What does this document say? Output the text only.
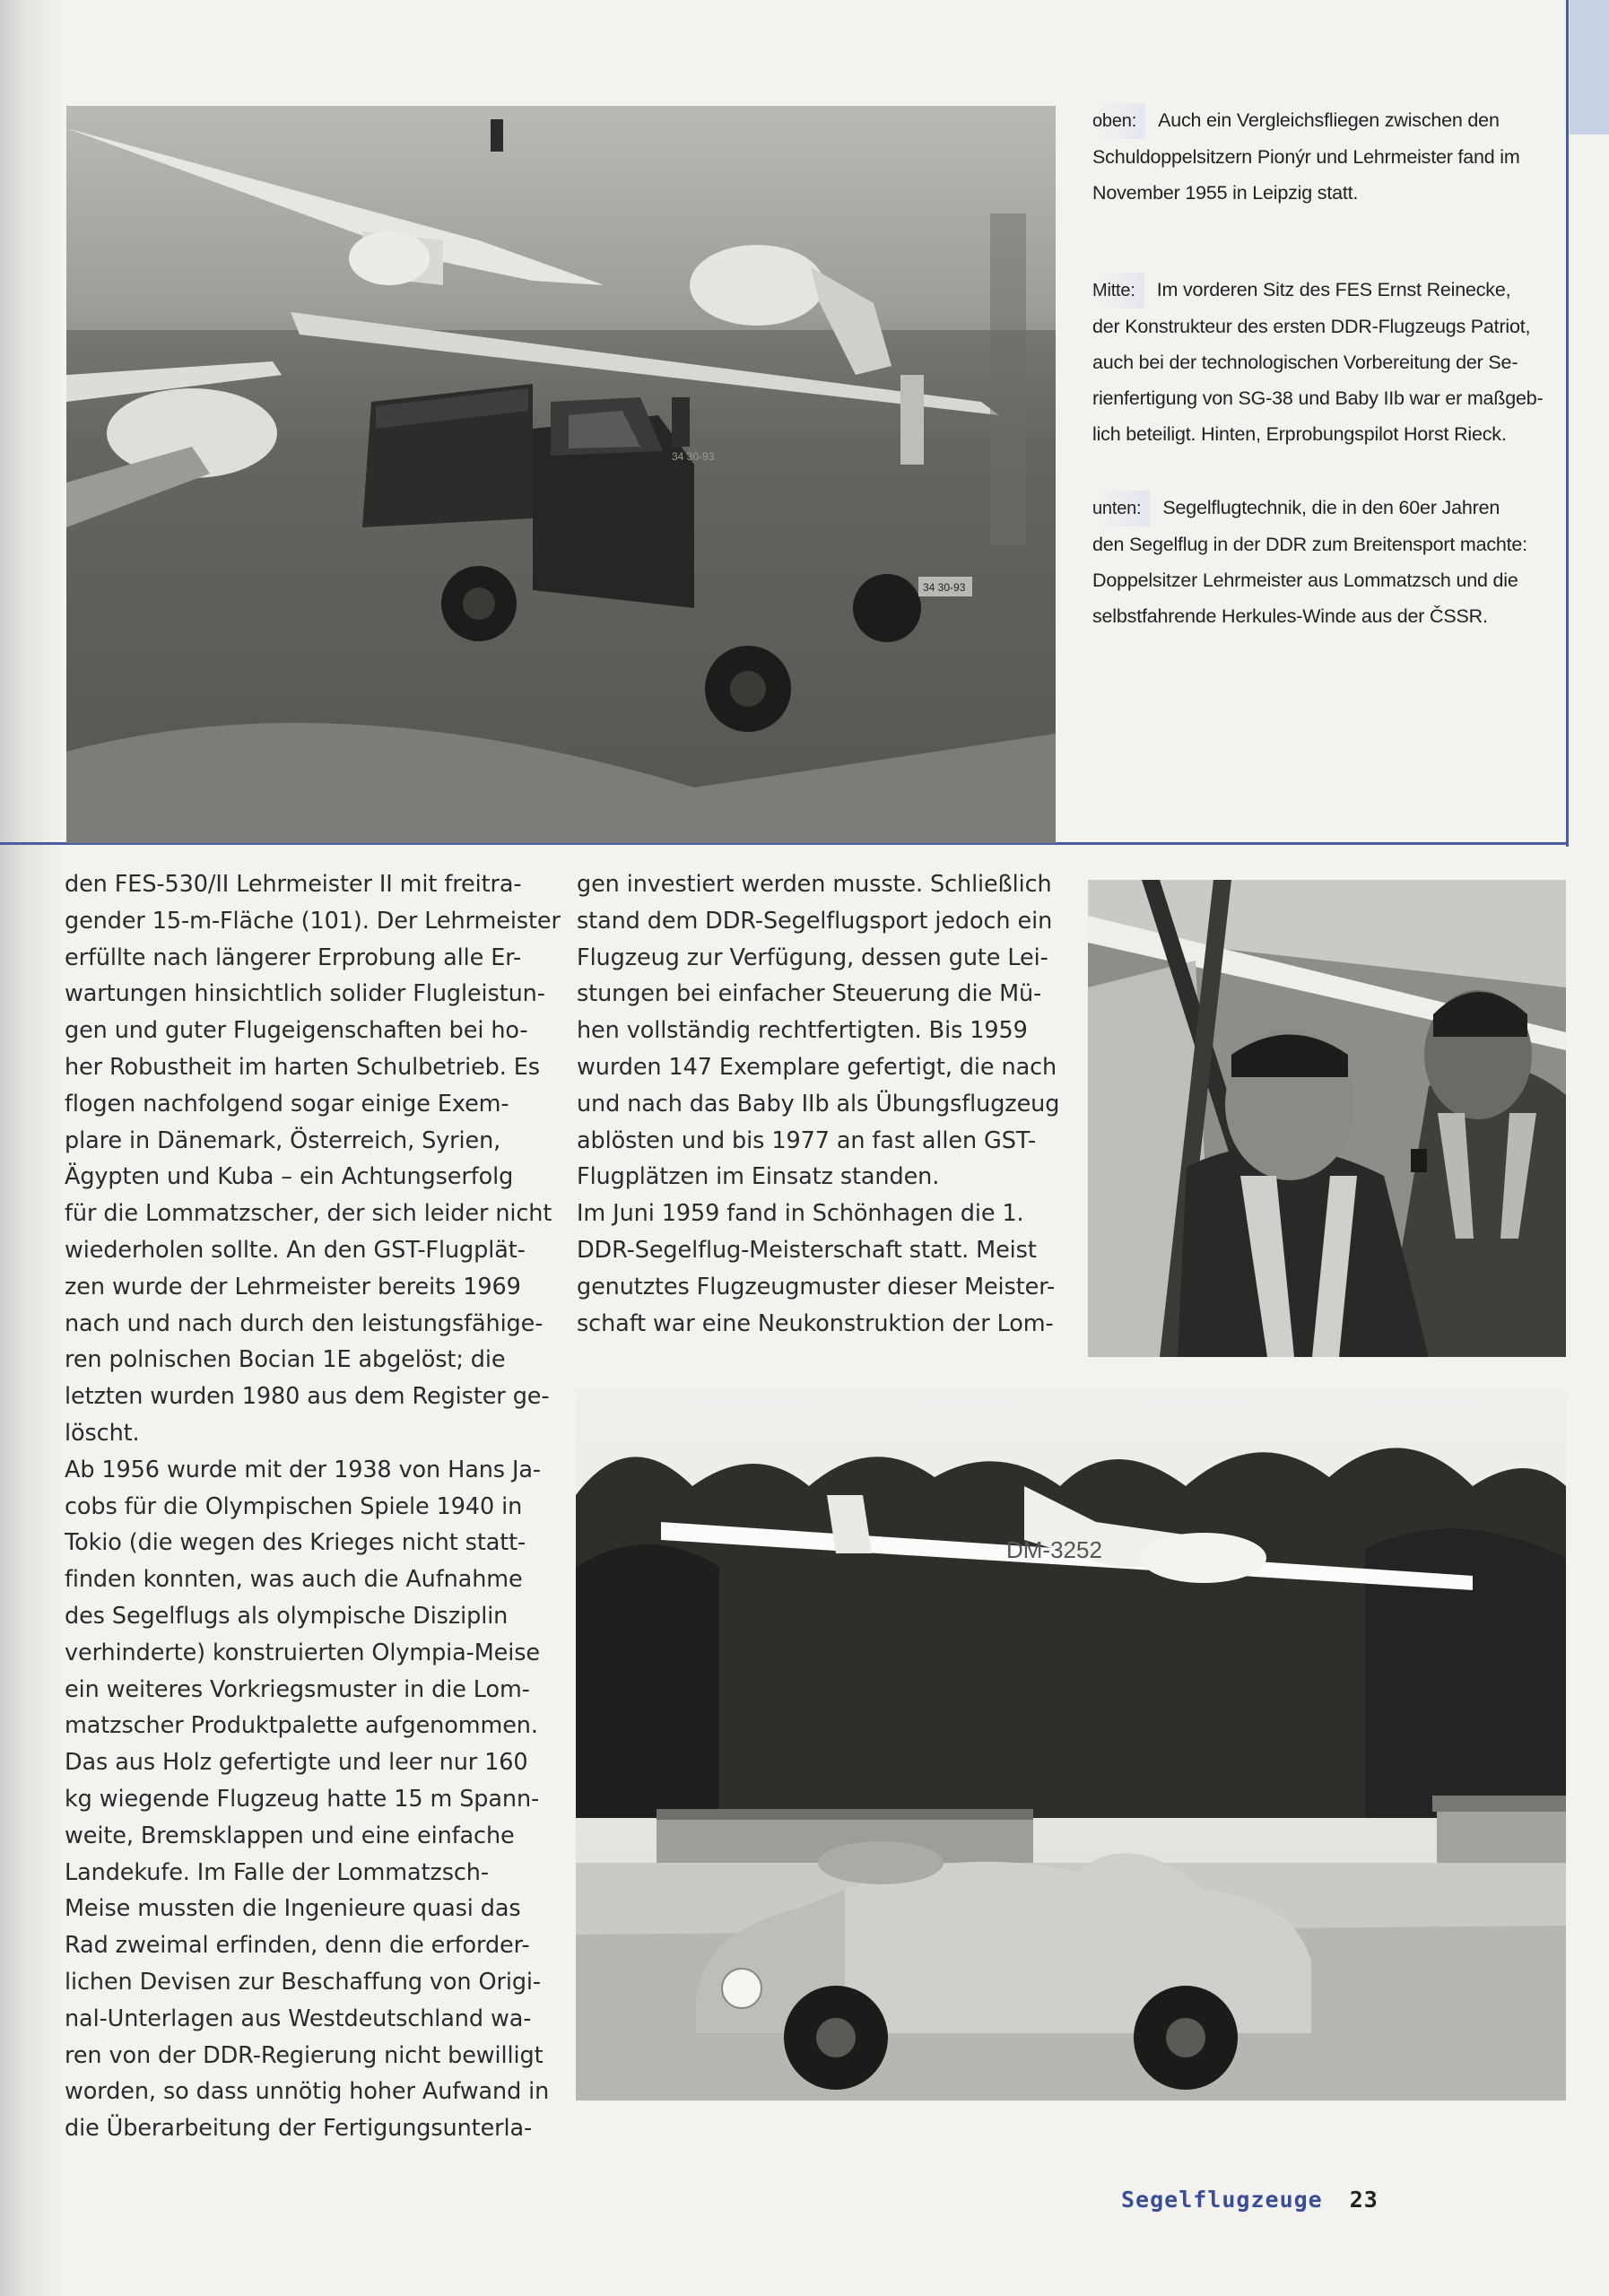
34 30-93
34 30-93
oben: Auch ein Vergleichsfliegen zwischen den
Schuldoppelsitzern Pionýr und Lehrmeister fand im
November 1955 in Leipzig statt.
Mitte: Im vorderen Sitz des FES Ernst Reinecke,
der Konstrukteur des ersten DDR-Flugzeugs Patriot,
auch bei der technologischen Vorbereitung der Se-
rienfertigung von SG-38 und Baby IIb war er maßgeb-
lich beteiligt. Hinten, Erprobungspilot Horst Rieck.
unten: Segelflugtechnik, die in den 60er Jahren
den Segelflug in der DDR zum Breitensport machte:
Doppelsitzer Lehrmeister aus Lommatzsch und die
selbstfahrende Herkules-Winde aus der ČSSR.
den FES-530/II Lehrmeister II mit freitra-
gender 15-m-Fläche (101). Der Lehrmeister
erfüllte nach längerer Erprobung alle Er-
wartungen hinsichtlich solider Flugleistun-
gen und guter Flugeigenschaften bei ho-
her Robustheit im harten Schulbetrieb. Es
flogen nachfolgend sogar einige Exem-
plare in Dänemark, Österreich, Syrien,
Ägypten und Kuba – ein Achtungserfolg
für die Lommatzscher, der sich leider nicht
wiederholen sollte. An den GST-Flugplät-
zen wurde der Lehrmeister bereits 1969
nach und nach durch den leistungsfähige-
ren polnischen Bocian 1E abgelöst; die
letzten wurden 1980 aus dem Register ge-
löscht.
Ab 1956 wurde mit der 1938 von Hans Ja-
cobs für die Olympischen Spiele 1940 in
Tokio (die wegen des Krieges nicht statt-
finden konnten, was auch die Aufnahme
des Segelflugs als olympische Disziplin
verhinderte) konstruierten Olympia-Meise
ein weiteres Vorkriegsmuster in die Lom-
matzscher Produktpalette aufgenommen.
Das aus Holz gefertigte und leer nur 160
kg wiegende Flugzeug hatte 15 m Spann-
weite, Bremsklappen und eine einfache
Landekufe. Im Falle der Lommatzsch-
Meise mussten die Ingenieure quasi das
Rad zweimal erfinden, denn die erforder-
lichen Devisen zur Beschaffung von Origi-
nal-Unterlagen aus Westdeutschland wa-
ren von der DDR-Regierung nicht bewilligt
worden, so dass unnötig hoher Aufwand in
die Überarbeitung der Fertigungsunterla-
gen investiert werden musste. Schließlich
stand dem DDR-Segelflugsport jedoch ein
Flugzeug zur Verfügung, dessen gute Lei-
stungen bei einfacher Steuerung die Mü-
hen vollständig rechtfertigten. Bis 1959
wurden 147 Exemplare gefertigt, die nach
und nach das Baby IIb als Übungsflugzeug
ablösten und bis 1977 an fast allen GST-
Flugplätzen im Einsatz standen.
Im Juni 1959 fand in Schönhagen die 1.
DDR-Segelflug-Meisterschaft statt. Meist
genutztes Flugzeugmuster dieser Meister-
schaft war eine Neukonstruktion der Lom-
DM-3252
Segelflugzeuge 23
